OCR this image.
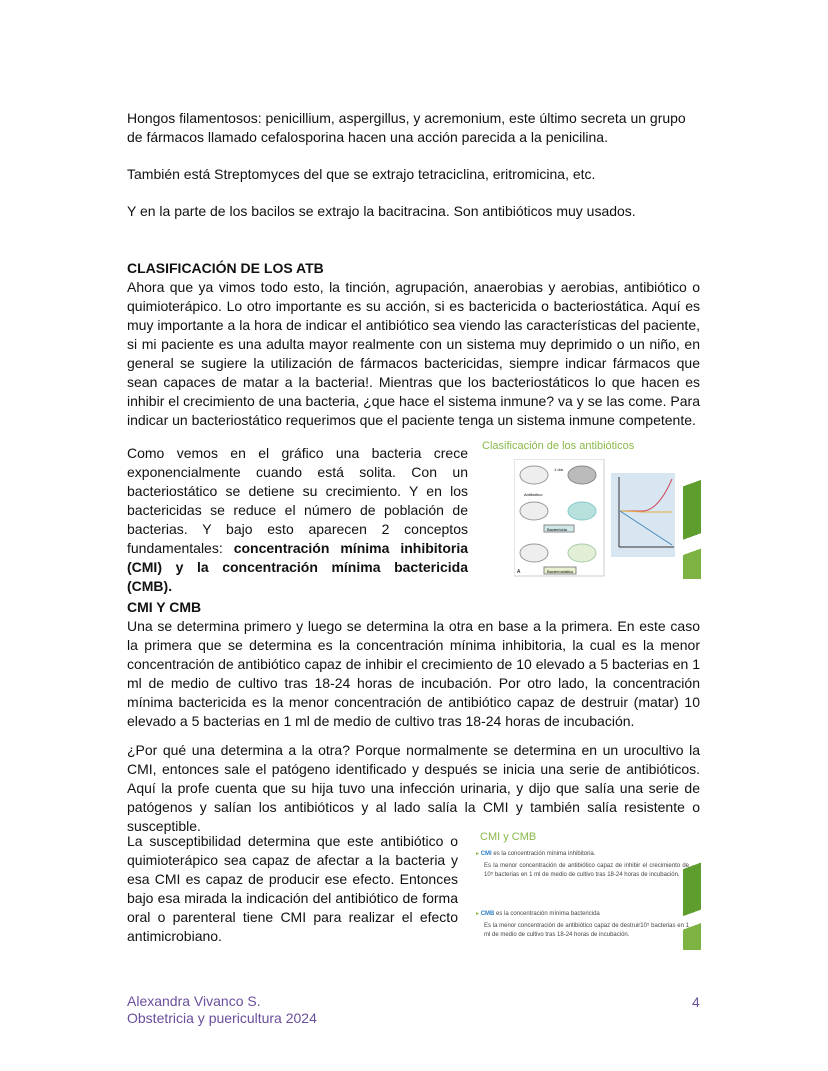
Hongos filamentosos: penicillium, aspergillus, y acremonium, este último secreta un grupo de fármacos llamado cefalosporina hacen una acción parecida a la penicilina.

También está Streptomyces del que se extrajo tetraciclina, eritromicina, etc.

Y en la parte de los bacilos se extrajo la bacitracina. Son antibióticos muy usados.

CLASIFICACIÓN DE LOS ATB

Ahora que ya vimos todo esto, la tinción, agrupación, anaerobias y aerobias, antibiótico o quimioterápico. Lo otro importante es su acción, si es bactericida o bacteriostática. Aquí es muy importante a la hora de indicar el antibiótico sea viendo las características del paciente, si mi paciente es una adulta mayor realmente con un sistema muy deprimido o un niño, en general se sugiere la utilización de fármacos bactericidas, siempre indicar fármacos que sean capaces de matar a la bacteria!. Mientras que los bacteriostáticos lo que hacen es inhibir el crecimiento de una bacteria, ¿que hace el sistema inmune? va y se las come. Para indicar un bacteriostático requerimos que el paciente tenga un sistema inmune competente.

Como vemos en el gráfico una bacteria crece exponencialmente cuando está solita. Con un bacteriostático se detiene su crecimiento. Y en los bactericidas se reduce el número de población de bacterias. Y bajo esto aparecen 2 conceptos fundamentales: concentración mínima inhibitoria (CMI) y la concentración mínima bactericida (CMB).

Clasificación de los antibióticos
Bactericida
Bacteriostático
Antibiótico
1 día
A
CMI Y CMB

Una se determina primero y luego se determina la otra en base a la primera. En este caso la primera que se determina es la concentración mínima inhibitoria, la cual es la menor concentración de antibiótico capaz de inhibir el crecimiento de 10 elevado a 5 bacterias en 1 ml de medio de cultivo tras 18-24 horas de incubación. Por otro lado, la concentración mínima bactericida es la menor concentración de antibiótico capaz de destruir (matar) 10 elevado a 5 bacterias en 1 ml de medio de cultivo tras 18-24 horas de incubación.

¿Por qué una determina a la otra? Porque normalmente se determina en un urocultivo la CMI, entonces sale el patógeno identificado y después se inicia una serie de antibióticos. Aquí la profe cuenta que su hija tuvo una infección urinaria, y dijo que salía una serie de patógenos y salían los antibióticos y al lado salía la CMI y también salía resistente o susceptible.

La susceptibilidad determina que este antibiótico o quimioterápico sea capaz de afectar a la bacteria y esa CMI es capaz de producir ese efecto. Entonces bajo esa mirada la indicación del antibiótico de forma oral o parenteral tiene CMI para realizar el efecto antimicrobiano.

CMI y CMB
▸ CMI es la concentración mínima inhibitoria.
Es la menor concentración de antibiótico capaz de inhibir el crecimiento de 10⁵ bacterias en 1 ml de medio de cultivo tras 18-24 horas de incubación.
▸ CMB es la concentración mínima bactericida
Es la menor concentración de antibiótico capaz de destruir10⁵ bacterias en 1 ml de medio de cultivo tras 18-24 horas de incubación.
Alexandra Vivanco S.
Obstetricia y puericultura 2024
4
